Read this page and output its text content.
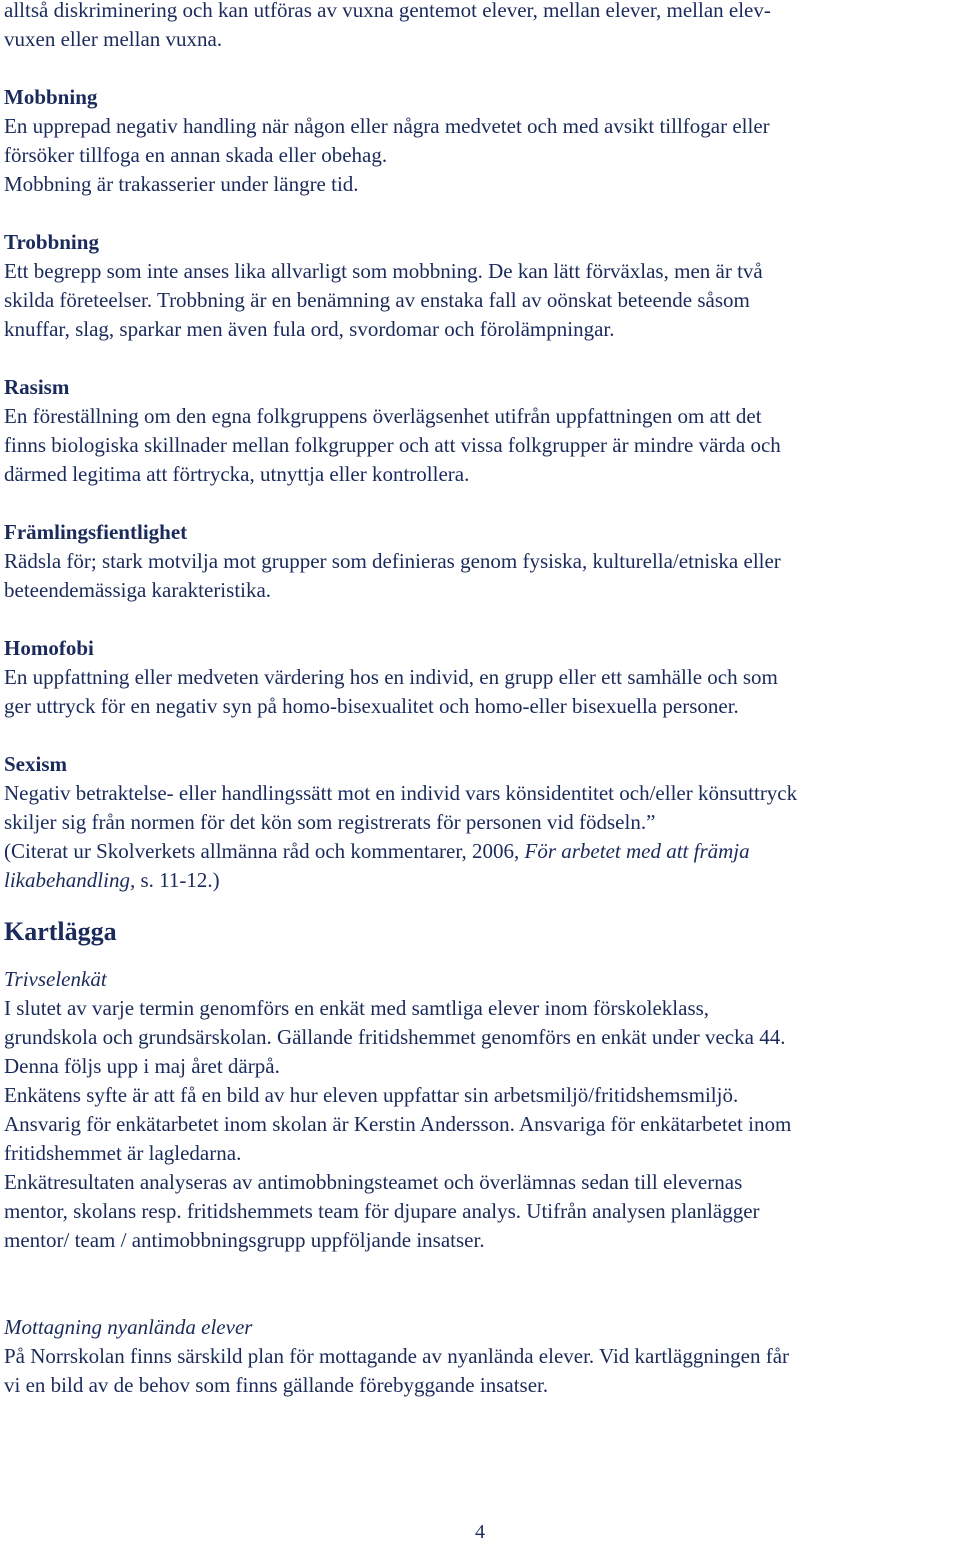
alltså diskriminering och kan utföras av vuxna gentemot elever, mellan elever, mellan elev-
vuxen eller mellan vuxna.
Mobbning
En upprepad negativ handling när någon eller några medvetet och med avsikt tillfogar eller
försöker tillfoga en annan skada eller obehag.
Mobbning är trakasserier under längre tid.
Trobbning
Ett begrepp som inte anses lika allvarligt som mobbning. De kan lätt förväxlas, men är två
skilda företeelser. Trobbning är en benämning av enstaka fall av oönskat beteende såsom
knuffar, slag, sparkar men även fula ord, svordomar och förolämpningar.
Rasism
En föreställning om den egna folkgruppens överlägsenhet utifrån uppfattningen om att det
finns biologiska skillnader mellan folkgrupper och att vissa folkgrupper är mindre värda och
därmed legitima att förtrycka, utnyttja eller kontrollera.
Främlingsfientlighet
Rädsla för; stark motvilja mot grupper som definieras genom fysiska, kulturella/etniska eller
beteendemässiga karakteristika.
Homofobi
En uppfattning eller medveten värdering hos en individ, en grupp eller ett samhälle och som
ger uttryck för en negativ syn på homo-bisexualitet och homo-eller bisexuella personer.
Sexism
Negativ betraktelse- eller handlingssätt mot en individ vars könsidentitet och/eller könsuttryck
skiljer sig från normen för det kön som registrerats för personen vid födseln.”
(Citerat ur Skolverkets allmänna råd och kommentarer, 2006, För arbetet med att främja
likabehandling, s. 11-12.)
Kartlägga
Trivselenkät
I slutet av varje termin genomförs en enkät med samtliga elever inom förskoleklass,
grundskola och grundsärskolan. Gällande fritidshemmet genomförs en enkät under vecka 44.
Denna följs upp i maj året därpå.
Enkätens syfte är att få en bild av hur eleven uppfattar sin arbetsmiljö/fritidshemsmiljö.
Ansvarig för enkätarbetet inom skolan är Kerstin Andersson. Ansvariga för enkätarbetet inom
fritidshemmet är lagledarna.
Enkätresultaten analyseras av antimobbningsteamet och överlämnas sedan till elevernas
mentor, skolans resp. fritidshemmets team för djupare analys. Utifrån analysen planlägger
mentor/ team / antimobbningsgrupp uppföljande insatser.
Mottagning nyanlända elever
På Norrskolan finns särskild plan för mottagande av nyanlända elever. Vid kartläggningen får
vi en bild av de behov som finns gällande förebyggande insatser.
4
